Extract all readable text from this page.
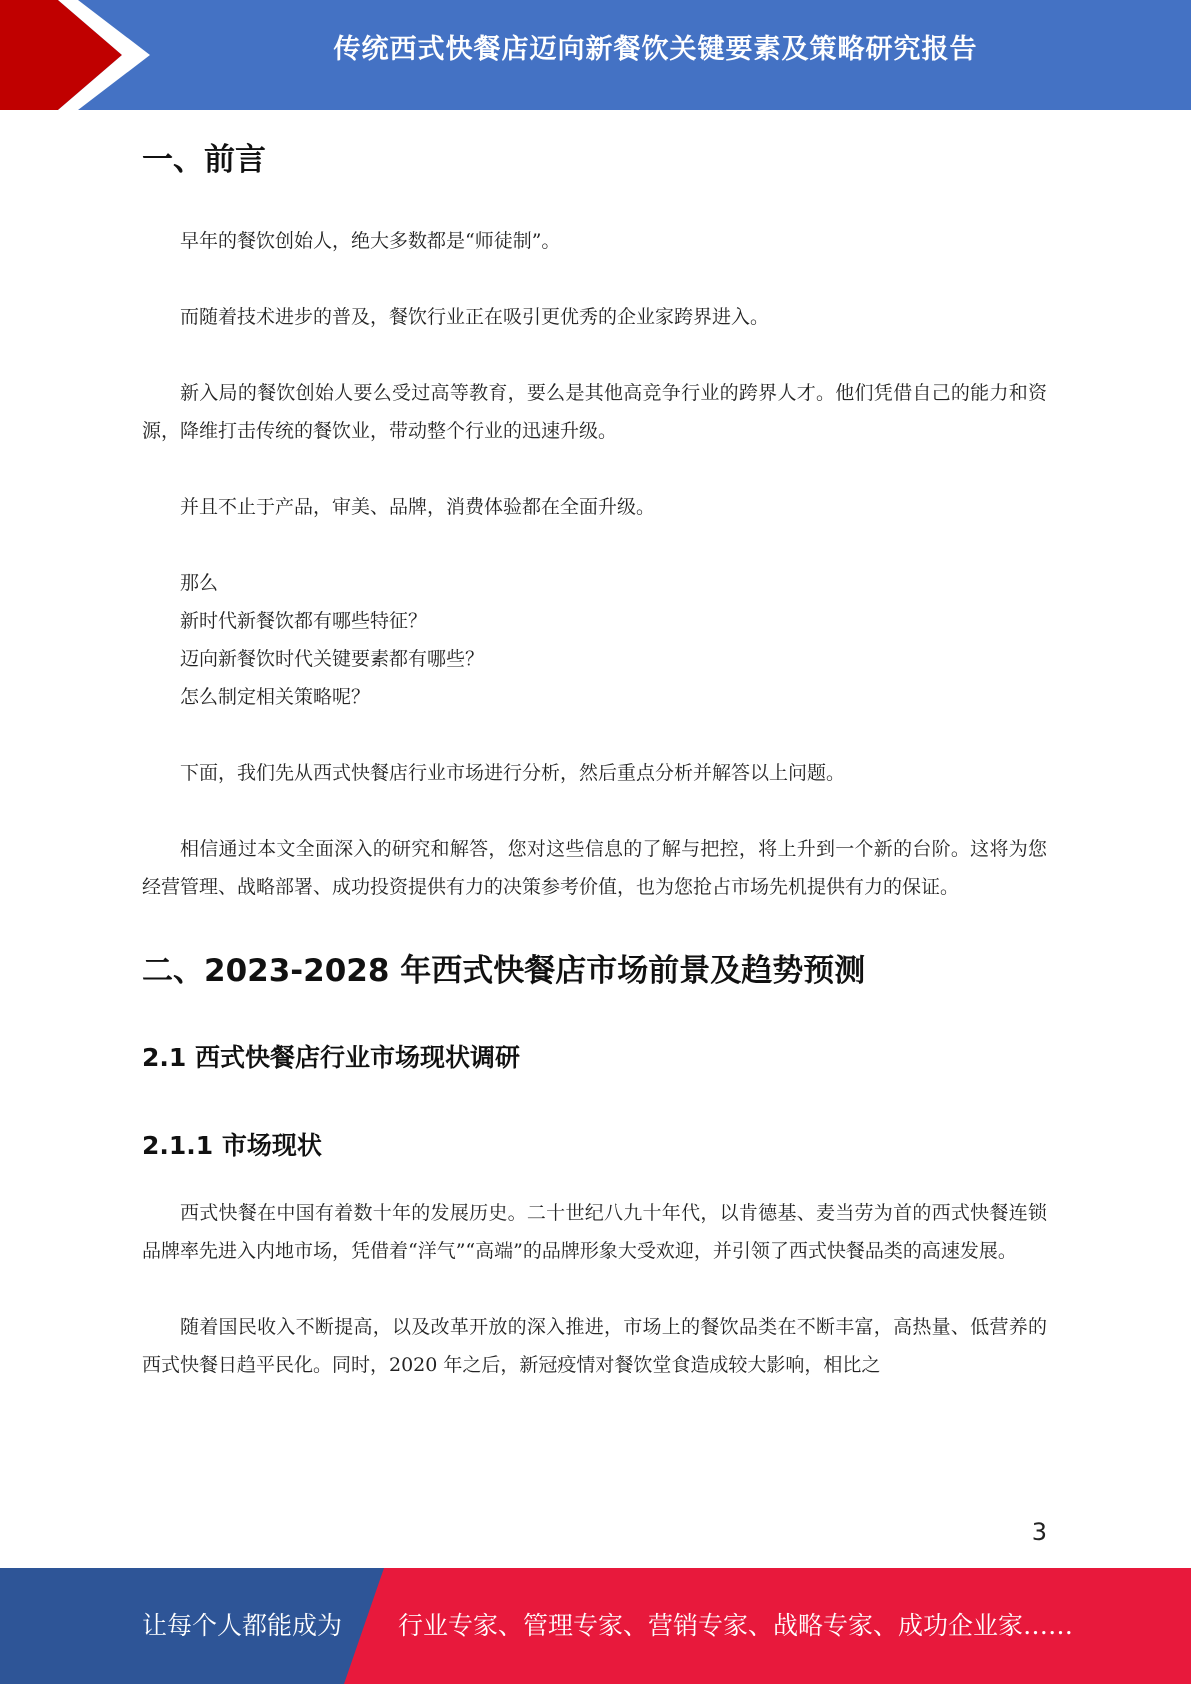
传统西式快餐店迈向新餐饮关键要素及策略研究报告
一、前言

早年的餐饮创始人，绝大多数都是“师徒制”。

而随着技术进步的普及，餐饮行业正在吸引更优秀的企业家跨界进入。

新入局的餐饮创始人要么受过高等教育，要么是其他高竞争行业的跨界人才。他们凭借自己的能力和资源，降维打击传统的餐饮业，带动整个行业的迅速升级。

并且不止于产品，审美、品牌，消费体验都在全面升级。

那么

新时代新餐饮都有哪些特征？

迈向新餐饮时代关键要素都有哪些？

怎么制定相关策略呢？

下面，我们先从西式快餐店行业市场进行分析，然后重点分析并解答以上问题。

相信通过本文全面深入的研究和解答，您对这些信息的了解与把控，将上升到一个新的台阶。这将为您经营管理、战略部署、成功投资提供有力的决策参考价值，也为您抢占市场先机提供有力的保证。

二、2023-2028 年西式快餐店市场前景及趋势预测
2.1 西式快餐店行业市场现状调研
2.1.1 市场现状

西式快餐在中国有着数十年的发展历史。二十世纪八九十年代，以肯德基、麦当劳为首的西式快餐连锁品牌率先进入内地市场，凭借着“洋气”“高端”的品牌形象大受欢迎，并引领了西式快餐品类的高速发展。

随着国民收入不断提高，以及改革开放的深入推进，市场上的餐饮品类在不断丰富，高热量、低营养的西式快餐日趋平民化。同时，2020 年之后，新冠疫情对餐饮堂食造成较大影响，相比之

3

让每个人都能成为 行业专家、管理专家、营销专家、战略专家、成功企业家……
